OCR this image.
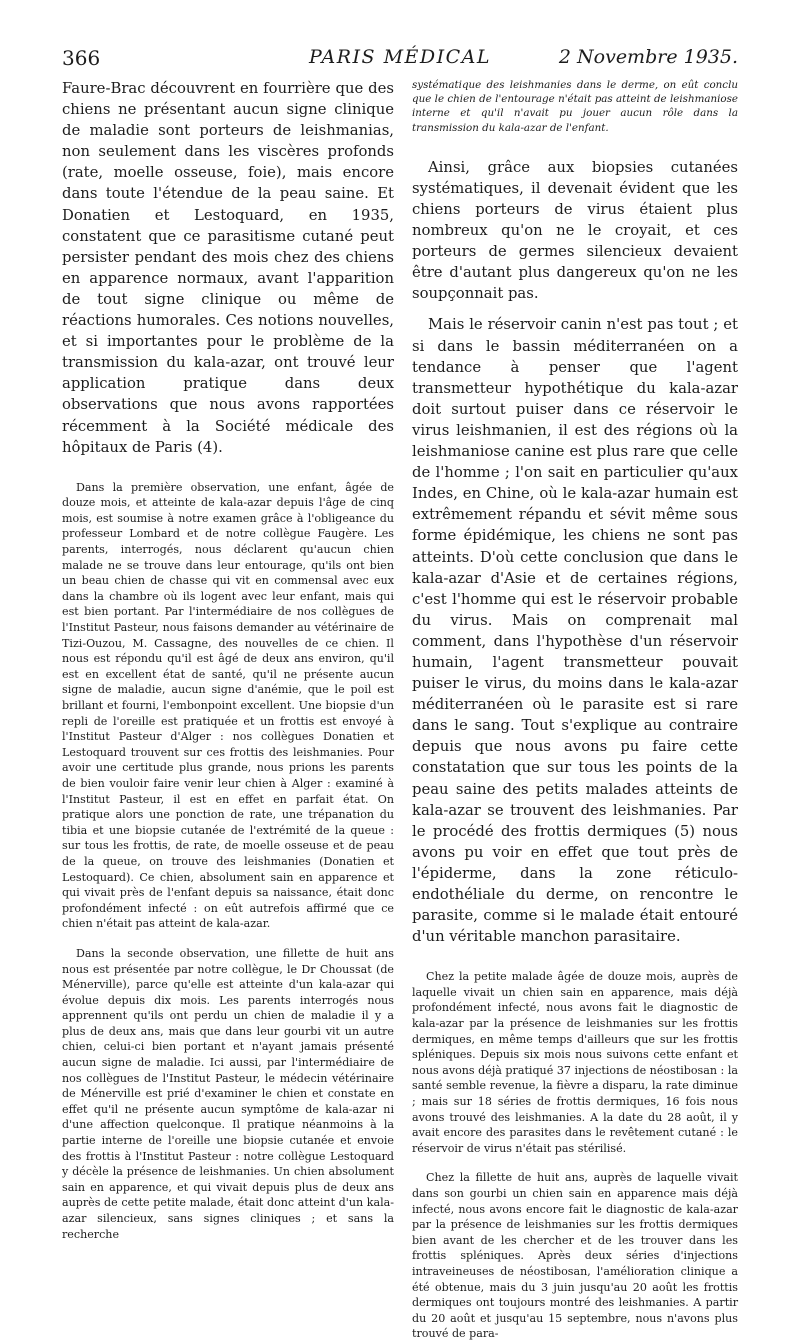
366	PARIS MÉDICAL	2 Novembre 1935.

Faure-Brac découvrent en fourrière que des chiens ne présentant aucun signe clinique de maladie sont porteurs de leishmanias, non seulement dans les viscères profonds (rate, moelle osseuse, foie), mais encore dans toute l'étendue de la peau saine. Et Donatien et Lestoquard, en 1935, constatent que ce parasitisme cutané peut persister pendant des mois chez des chiens en apparence normaux, avant l'apparition de tout signe clinique ou même de réactions humorales. Ces notions nouvelles, et si importantes pour le problème de la transmission du kala-azar, ont trouvé leur application pratique dans deux observations que nous avons rapportées récemment à la Société médicale des hôpitaux de Paris (4).

Dans la première observation, une enfant, âgée de douze mois, et atteinte de kala-azar depuis l'âge de cinq mois, est soumise à notre examen grâce à l'obligeance du professeur Lombard et de notre collègue Faugère. Les parents, interrogés, nous déclarent qu'aucun chien malade ne se trouve dans leur entourage, qu'ils ont bien un beau chien de chasse qui vit en commensal avec eux dans la chambre où ils logent avec leur enfant, mais qui est bien portant. Par l'intermédiaire de nos collègues de l'Institut Pasteur, nous faisons demander au vétérinaire de Tizi-Ouzou, M. Cassagne, des nouvelles de ce chien. Il nous est répondu qu'il est âgé de deux ans environ, qu'il est en excellent état de santé, qu'il ne présente aucun signe de maladie, aucun signe d'anémie, que le poil est brillant et fourni, l'embonpoint excellent. Une biopsie d'un repli de l'oreille est pratiquée et un frottis est envoyé à l'Institut Pasteur d'Alger : nos collègues Donatien et Lestoquard trouvent sur ces frottis des leishmanies. Pour avoir une certitude plus grande, nous prions les parents de bien vouloir faire venir leur chien à Alger : examiné à l'Institut Pasteur, il est en effet en parfait état. On pratique alors une ponction de rate, une trépanation du tibia et une biopsie cutanée de l'extrémité de la queue : sur tous les frottis, de rate, de moelle osseuse et de peau de la queue, on trouve des leishmanies (Donatien et Lestoquard). Ce chien, absolument sain en apparence et qui vivait près de l'enfant depuis sa naissance, était donc profondément infecté : on eût autrefois affirmé que ce chien n'était pas atteint de kala-azar.

Dans la seconde observation, une fillette de huit ans nous est présentée par notre collègue, le Dr Choussat (de Ménerville), parce qu'elle est atteinte d'un kala-azar qui évolue depuis dix mois. Les parents interrogés nous apprennent qu'ils ont perdu un chien de maladie il y a plus de deux ans, mais que dans leur gourbi vit un autre chien, celui-ci bien portant et n'ayant jamais présenté aucun signe de maladie. Ici aussi, par l'intermédiaire de nos collègues de l'Institut Pasteur, le médecin vétérinaire de Ménerville est prié d'examiner le chien et constate en effet qu'il ne présente aucun symptôme de kala-azar ni d'une affection quelconque. Il pratique néanmoins à la partie interne de l'oreille une biopsie cutanée et envoie des frottis à l'Institut Pasteur : notre collègue Lestoquard y décèle la présence de leishmanies. Un chien absolument sain en apparence, et qui vivait depuis plus de deux ans auprès de cette petite malade, était donc atteint d'un kala-azar silencieux, sans signes cliniques ; et sans la recherche

systématique des leishmanies dans le derme, on eût conclu que le chien de l'entourage n'était pas atteint de leishmaniose interne et qu'il n'avait pu jouer aucun rôle dans la transmission du kala-azar de l'enfant.

Ainsi, grâce aux biopsies cutanées systématiques, il devenait évident que les chiens porteurs de virus étaient plus nombreux qu'on ne le croyait, et ces porteurs de germes silencieux devaient être d'autant plus dangereux qu'on ne les soupçonnait pas.

Mais le réservoir canin n'est pas tout ; et si dans le bassin méditerranéen on a tendance à penser que l'agent transmetteur hypothétique du kala-azar doit surtout puiser dans ce réservoir le virus leishmanien, il est des régions où la leishmaniose canine est plus rare que celle de l'homme ; l'on sait en particulier qu'aux Indes, en Chine, où le kala-azar humain est extrêmement répandu et sévit même sous forme épidémique, les chiens ne sont pas atteints. D'où cette conclusion que dans le kala-azar d'Asie et de certaines régions, c'est l'homme qui est le réservoir probable du virus. Mais on comprenait mal comment, dans l'hypothèse d'un réservoir humain, l'agent transmetteur pouvait puiser le virus, du moins dans le kala-azar méditerranéen où le parasite est si rare dans le sang. Tout s'explique au contraire depuis que nous avons pu faire cette constatation que sur tous les points de la peau saine des petits malades atteints de kala-azar se trouvent des leishmanies. Par le procédé des frottis dermiques (5) nous avons pu voir en effet que tout près de l'épiderme, dans la zone réticulo-endothéliale du derme, on rencontre le parasite, comme si le malade était entouré d'un véritable manchon parasitaire.

Chez la petite malade âgée de douze mois, auprès de laquelle vivait un chien sain en apparence, mais déjà profondément infecté, nous avons fait le diagnostic de kala-azar par la présence de leishmanies sur les frottis dermiques, en même temps d'ailleurs que sur les frottis spléniques. Depuis six mois nous suivons cette enfant et nous avons déjà pratiqué 37 injections de néostibosan : la santé semble revenue, la fièvre a disparu, la rate diminue ; mais sur 18 séries de frottis dermiques, 16 fois nous avons trouvé des leishmanies. A la date du 28 août, il y avait encore des parasites dans le revêtement cutané : le réservoir de virus n'était pas stérilisé.

Chez la fillette de huit ans, auprès de laquelle vivait dans son gourbi un chien sain en apparence mais déjà infecté, nous avons encore fait le diagnostic de kala-azar par la présence de leishmanies sur les frottis dermiques bien avant de les chercher et de les trouver dans les frottis spléniques. Après deux séries d'injections intraveineuses de néostibosan, l'amélioration clinique a été obtenue, mais du 3 juin jusqu'au 20 août les frottis dermiques ont toujours montré des leishmanies. A partir du 20 août et jusqu'au 15 septembre, nous n'avons plus trouvé de para-
